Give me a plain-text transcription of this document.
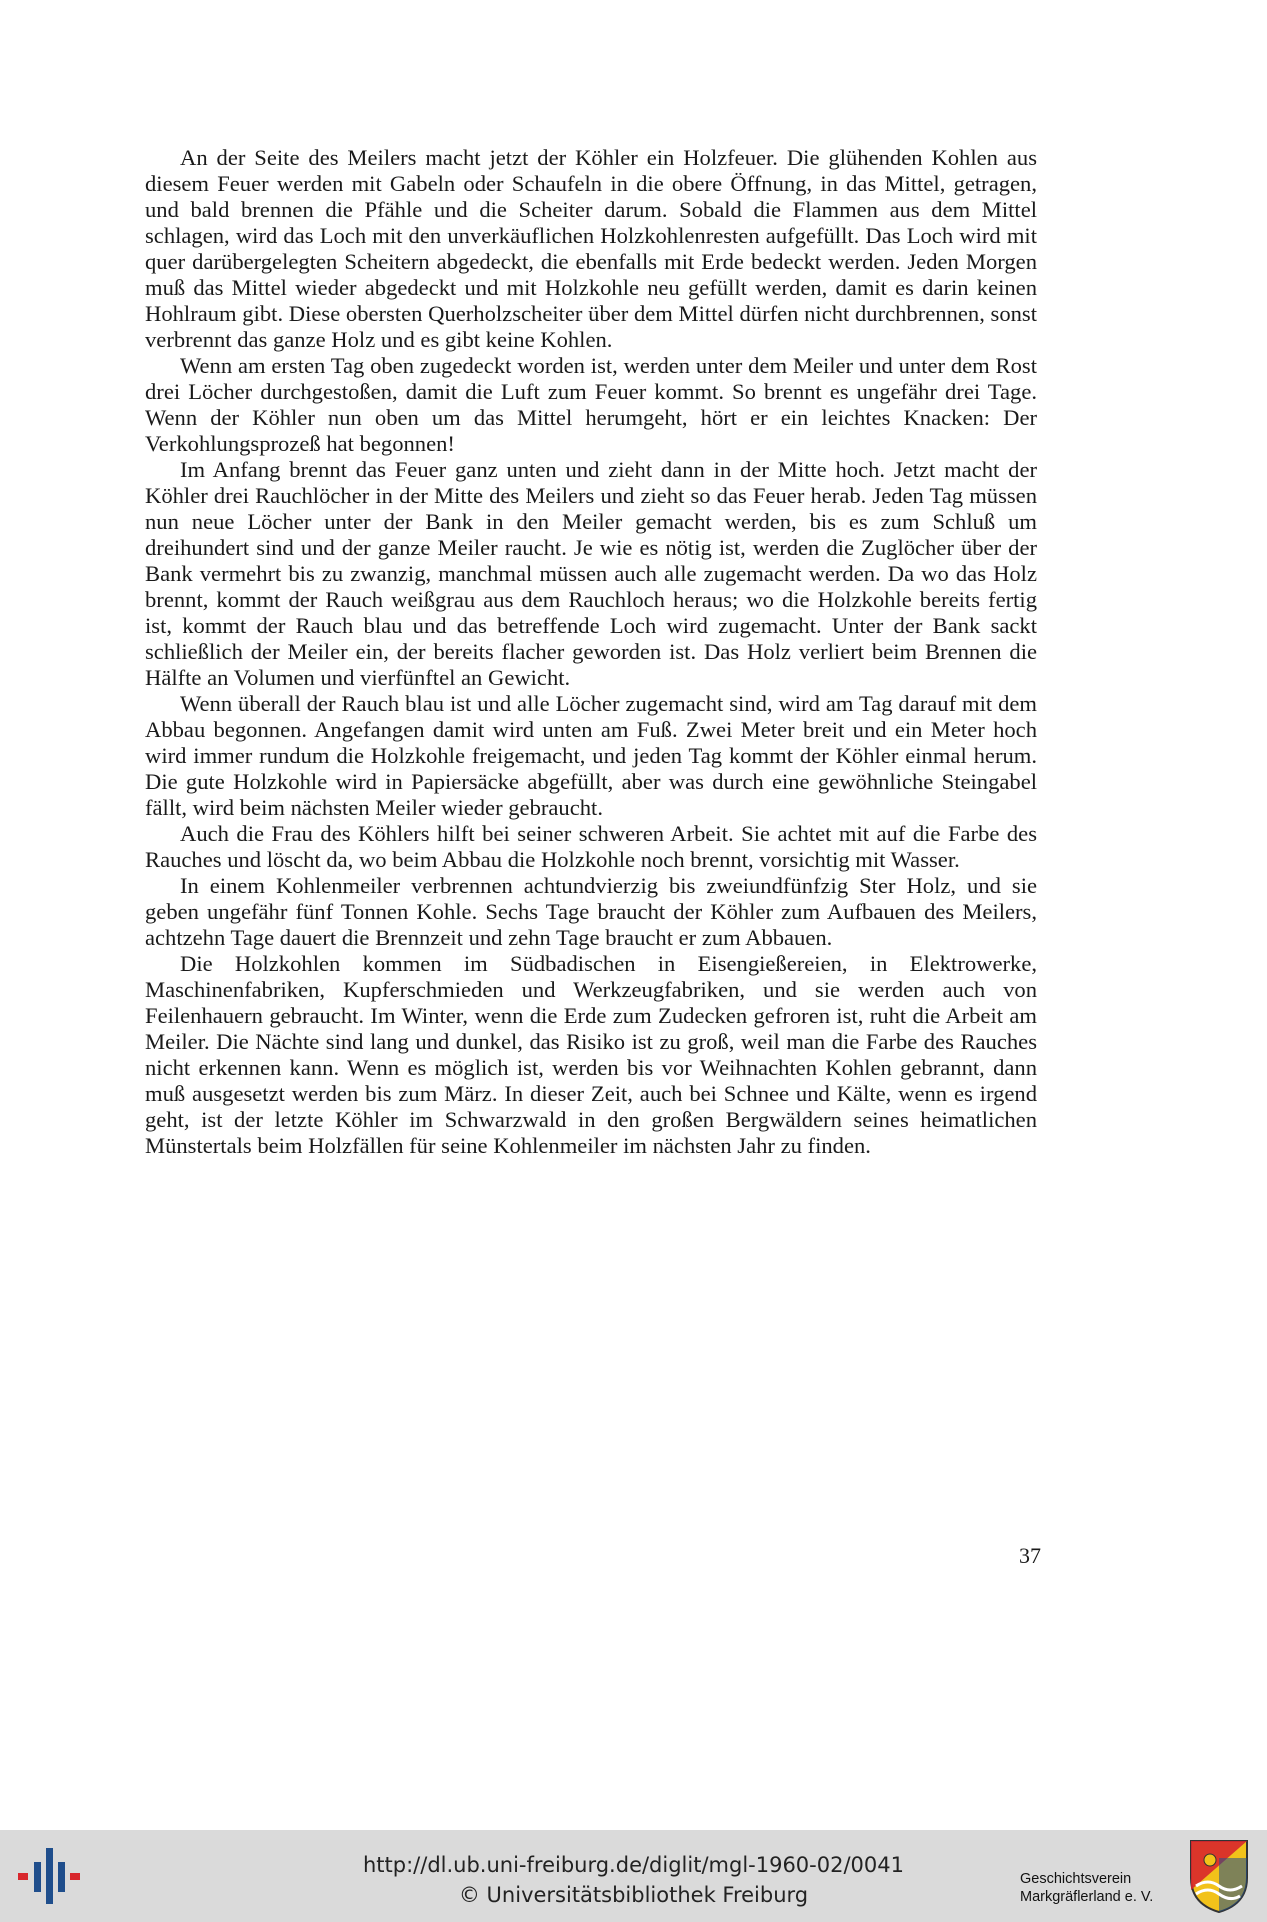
An der Seite des Meilers macht jetzt der Köhler ein Holzfeuer. Die glühenden Kohlen aus diesem Feuer werden mit Gabeln oder Schaufeln in die obere Öffnung, in das Mittel, getragen, und bald brennen die Pfähle und die Scheiter darum. Sobald die Flammen aus dem Mittel schlagen, wird das Loch mit den unverkäuflichen Holzkohlenresten aufgefüllt. Das Loch wird mit quer darübergelegten Scheitern abgedeckt, die ebenfalls mit Erde bedeckt werden. Jeden Morgen muß das Mittel wieder abgedeckt und mit Holzkohle neu gefüllt werden, damit es darin keinen Hohlraum gibt. Diese obersten Querholzscheiter über dem Mittel dürfen nicht durchbrennen, sonst verbrennt das ganze Holz und es gibt keine Kohlen.

Wenn am ersten Tag oben zugedeckt worden ist, werden unter dem Meiler und unter dem Rost drei Löcher durchgestoßen, damit die Luft zum Feuer kommt. So brennt es ungefähr drei Tage. Wenn der Köhler nun oben um das Mittel herumgeht, hört er ein leichtes Knacken: Der Verkohlungsprozeß hat begonnen!

Im Anfang brennt das Feuer ganz unten und zieht dann in der Mitte hoch. Jetzt macht der Köhler drei Rauchlöcher in der Mitte des Meilers und zieht so das Feuer herab. Jeden Tag müssen nun neue Löcher unter der Bank in den Meiler gemacht werden, bis es zum Schluß um dreihundert sind und der ganze Meiler raucht. Je wie es nötig ist, werden die Zuglöcher über der Bank vermehrt bis zu zwanzig, manchmal müssen auch alle zugemacht werden. Da wo das Holz brennt, kommt der Rauch weißgrau aus dem Rauchloch heraus; wo die Holzkohle bereits fertig ist, kommt der Rauch blau und das betreffende Loch wird zugemacht. Unter der Bank sackt schließlich der Meiler ein, der bereits flacher geworden ist. Das Holz verliert beim Brennen die Hälfte an Volumen und vierfünftel an Gewicht.

Wenn überall der Rauch blau ist und alle Löcher zugemacht sind, wird am Tag darauf mit dem Abbau begonnen. Angefangen damit wird unten am Fuß. Zwei Meter breit und ein Meter hoch wird immer rundum die Holzkohle freigemacht, und jeden Tag kommt der Köhler einmal herum. Die gute Holzkohle wird in Papiersäcke abgefüllt, aber was durch eine gewöhnliche Steingabel fällt, wird beim nächsten Meiler wieder gebraucht.

Auch die Frau des Köhlers hilft bei seiner schweren Arbeit. Sie achtet mit auf die Farbe des Rauches und löscht da, wo beim Abbau die Holzkohle noch brennt, vorsichtig mit Wasser.

In einem Kohlenmeiler verbrennen achtundvierzig bis zweiundfünfzig Ster Holz, und sie geben ungefähr fünf Tonnen Kohle. Sechs Tage braucht der Köhler zum Aufbauen des Meilers, achtzehn Tage dauert die Brennzeit und zehn Tage braucht er zum Abbauen.

Die Holzkohlen kommen im Südbadischen in Eisengießereien, in Elektrowerke, Maschinenfabriken, Kupferschmieden und Werkzeugfabriken, und sie werden auch von Feilenhauern gebraucht. Im Winter, wenn die Erde zum Zudecken gefroren ist, ruht die Arbeit am Meiler. Die Nächte sind lang und dunkel, das Risiko ist zu groß, weil man die Farbe des Rauches nicht erkennen kann. Wenn es möglich ist, werden bis vor Weihnachten Kohlen gebrannt, dann muß ausgesetzt werden bis zum März. In dieser Zeit, auch bei Schnee und Kälte, wenn es irgend geht, ist der letzte Köhler im Schwarzwald in den großen Bergwäldern seines heimatlichen Münstertals beim Holzfällen für seine Kohlenmeiler im nächsten Jahr zu finden.

37
http://dl.ub.uni-freiburg.de/diglit/mgl-1960-02/0041
© Universitätsbibliothek Freiburg
Geschichtsverein
Markgräflerland e. V.
